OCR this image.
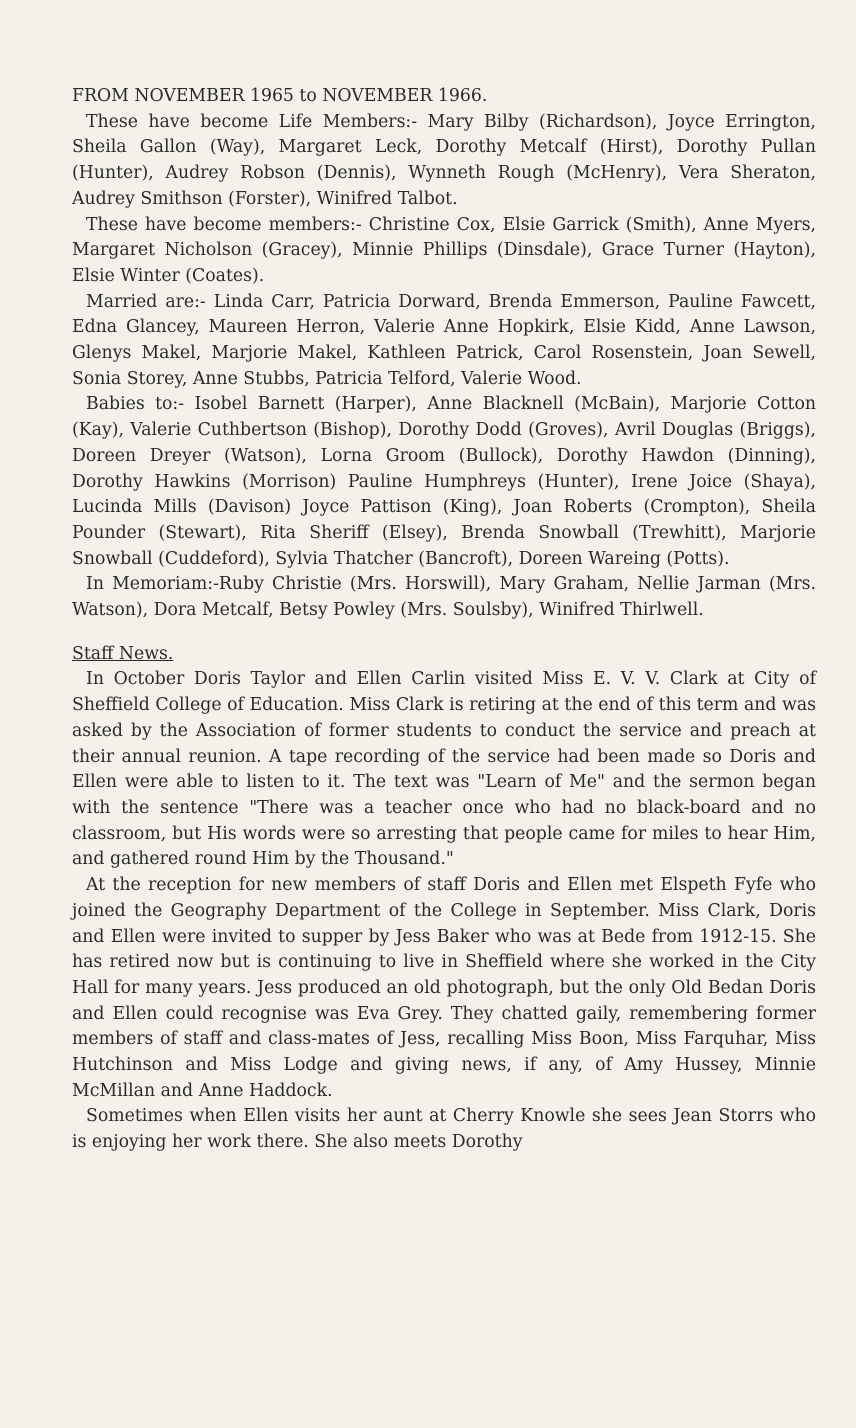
FROM NOVEMBER 1965 to NOVEMBER 1966.

These have become Life Members:- Mary Bilby (Richardson), Joyce Errington, Sheila Gallon (Way), Margaret Leck, Dorothy Metcalf (Hirst), Dorothy Pullan (Hunter), Audrey Robson (Dennis), Wynneth Rough (McHenry), Vera Sheraton, Audrey Smithson (Forster), Winifred Talbot.

These have become members:- Christine Cox, Elsie Garrick (Smith), Anne Myers, Margaret Nicholson (Gracey), Minnie Phillips (Dinsdale), Grace Turner (Hayton), Elsie Winter (Coates).

Married are:- Linda Carr, Patricia Dorward, Brenda Emmerson, Pauline Fawcett, Edna Glancey, Maureen Herron, Valerie Anne Hopkirk, Elsie Kidd, Anne Lawson, Glenys Makel, Marjorie Makel, Kathleen Patrick, Carol Rosenstein, Joan Sewell, Sonia Storey, Anne Stubbs, Patricia Telford, Valerie Wood.

Babies to:- Isobel Barnett (Harper), Anne Blacknell (McBain), Marjorie Cotton (Kay), Valerie Cuthbertson (Bishop), Dorothy Dodd (Groves), Avril Douglas (Briggs), Doreen Dreyer (Watson), Lorna Groom (Bullock), Dorothy Hawdon (Dinning), Dorothy Hawkins (Morrison) Pauline Humphreys (Hunter), Irene Joice (Shaya), Lucinda Mills (Davison) Joyce Pattison (King), Joan Roberts (Crompton), Sheila Pounder (Stewart), Rita Sheriff (Elsey), Brenda Snowball (Trewhitt), Marjorie Snowball (Cuddeford), Sylvia Thatcher (Bancroft), Doreen Wareing (Potts).

In Memoriam:-Ruby Christie (Mrs. Horswill), Mary Graham, Nellie Jarman (Mrs. Watson), Dora Metcalf, Betsy Powley (Mrs. Soulsby), Winifred Thirlwell.

Staff News.

In October Doris Taylor and Ellen Carlin visited Miss E. V. V. Clark at City of Sheffield College of Education. Miss Clark is retiring at the end of this term and was asked by the Association of former students to conduct the service and preach at their annual reunion. A tape recording of the service had been made so Doris and Ellen were able to listen to it. The text was "Learn of Me" and the sermon began with the sentence "There was a teacher once who had no black-board and no classroom, but His words were so arresting that people came for miles to hear Him, and gathered round Him by the Thousand."

At the reception for new members of staff Doris and Ellen met Elspeth Fyfe who joined the Geography Department of the College in September. Miss Clark, Doris and Ellen were invited to supper by Jess Baker who was at Bede from 1912-15. She has retired now but is continuing to live in Sheffield where she worked in the City Hall for many years. Jess produced an old photograph, but the only Old Bedan Doris and Ellen could recognise was Eva Grey. They chatted gaily, remembering former members of staff and class-mates of Jess, recalling Miss Boon, Miss Farquhar, Miss Hutchinson and Miss Lodge and giving news, if any, of Amy Hussey, Minnie McMillan and Anne Haddock.

Sometimes when Ellen visits her aunt at Cherry Knowle she sees Jean Storrs who is enjoying her work there. She also meets Dorothy
